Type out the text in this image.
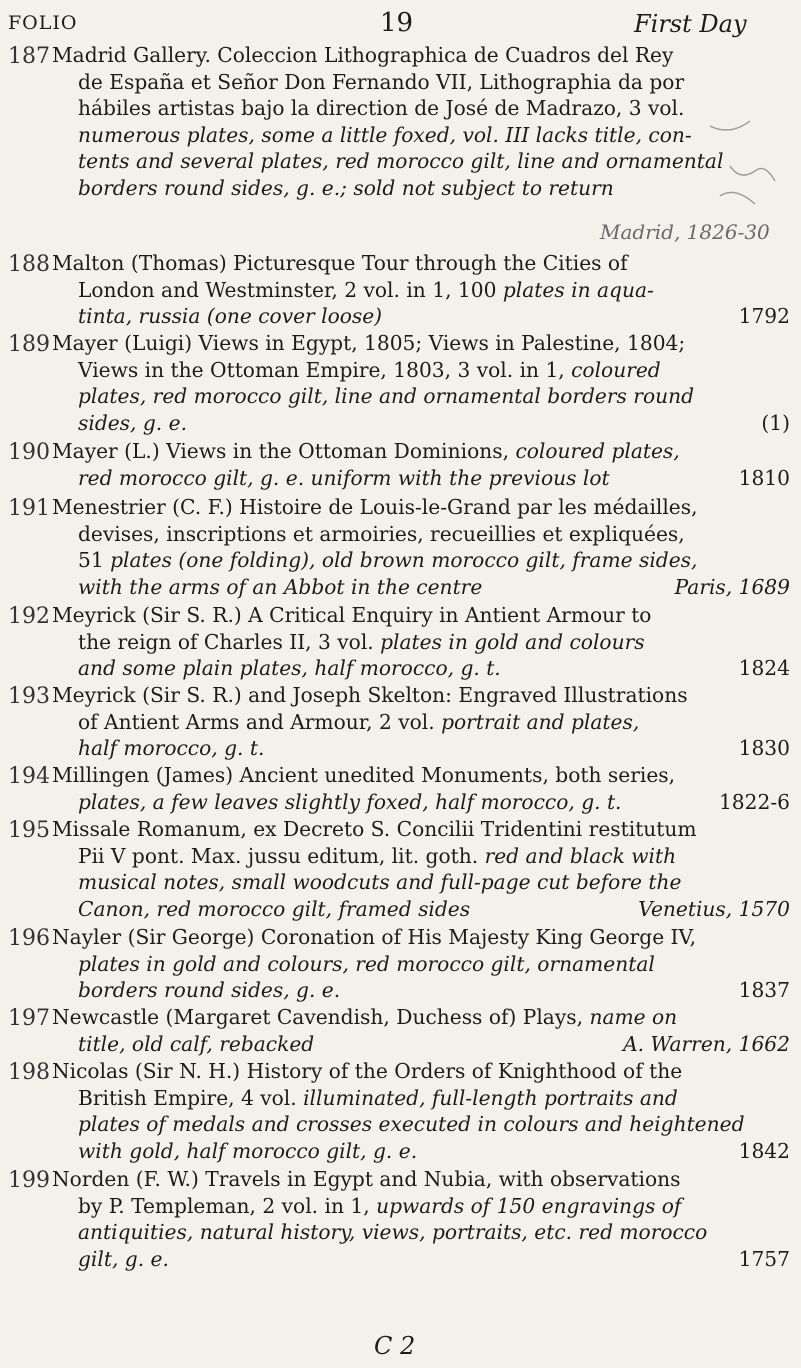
FOLIO	19	First Day
187 Madrid Gallery. Coleccion Lithographica de Cuadros del Rey
de España et Señor Don Fernando VII, Lithographia da por
hábiles artistas bajo la direction de José de Madrazo, 3 vol.
numerous plates, some a little foxed, vol. III lacks title, con-
tents and several plates, red morocco gilt, line and ornamental
borders round sides, g. e.; sold not subject to return
Madrid, 1826-30
188 Malton (Thomas) Picturesque Tour through the Cities of
London and Westminster, 2 vol. in 1, 100 plates in aqua-
tinta, russia (one cover loose)	1792
189 Mayer (Luigi) Views in Egypt, 1805; Views in Palestine, 1804;
Views in the Ottoman Empire, 1803, 3 vol. in 1, coloured
plates, red morocco gilt, line and ornamental borders round
sides, g. e.	(1)
190 Mayer (L.) Views in the Ottoman Dominions, coloured plates,
red morocco gilt, g. e. uniform with the previous lot	1810
191 Menestrier (C. F.) Histoire de Louis-le-Grand par les médailles,
devises, inscriptions et armoiries, recueillies et expliquées,
51 plates (one folding), old brown morocco gilt, frame sides,
with the arms of an Abbot in the centre	Paris, 1689
192 Meyrick (Sir S. R.) A Critical Enquiry in Antient Armour to
the reign of Charles II, 3 vol. plates in gold and colours
and some plain plates, half morocco, g. t.	1824
193 Meyrick (Sir S. R.) and Joseph Skelton: Engraved Illustrations
of Antient Arms and Armour, 2 vol. portrait and plates,
half morocco, g. t.	1830
194 Millingen (James) Ancient unedited Monuments, both series,
plates, a few leaves slightly foxed, half morocco, g. t.	1822-6
195 Missale Romanum, ex Decreto S. Concilii Tridentini restitutum
Pii V pont. Max. jussu editum, lit. goth. red and black with
musical notes, small woodcuts and full-page cut before the
Canon, red morocco gilt, framed sides	Venetius, 1570
196 Nayler (Sir George) Coronation of His Majesty King George IV,
plates in gold and colours, red morocco gilt, ornamental
borders round sides, g. e.	1837
197 Newcastle (Margaret Cavendish, Duchess of) Plays, name on
title, old calf, rebacked	A. Warren, 1662
198 Nicolas (Sir N. H.) History of the Orders of Knighthood of the
British Empire, 4 vol. illuminated, full-length portraits and
plates of medals and crosses executed in colours and heightened
with gold, half morocco gilt, g. e.	1842
199 Norden (F. W.) Travels in Egypt and Nubia, with observations
by P. Templeman, 2 vol. in 1, upwards of 150 engravings of
antiquities, natural history, views, portraits, etc. red morocco
gilt, g. e.	1757
C 2
